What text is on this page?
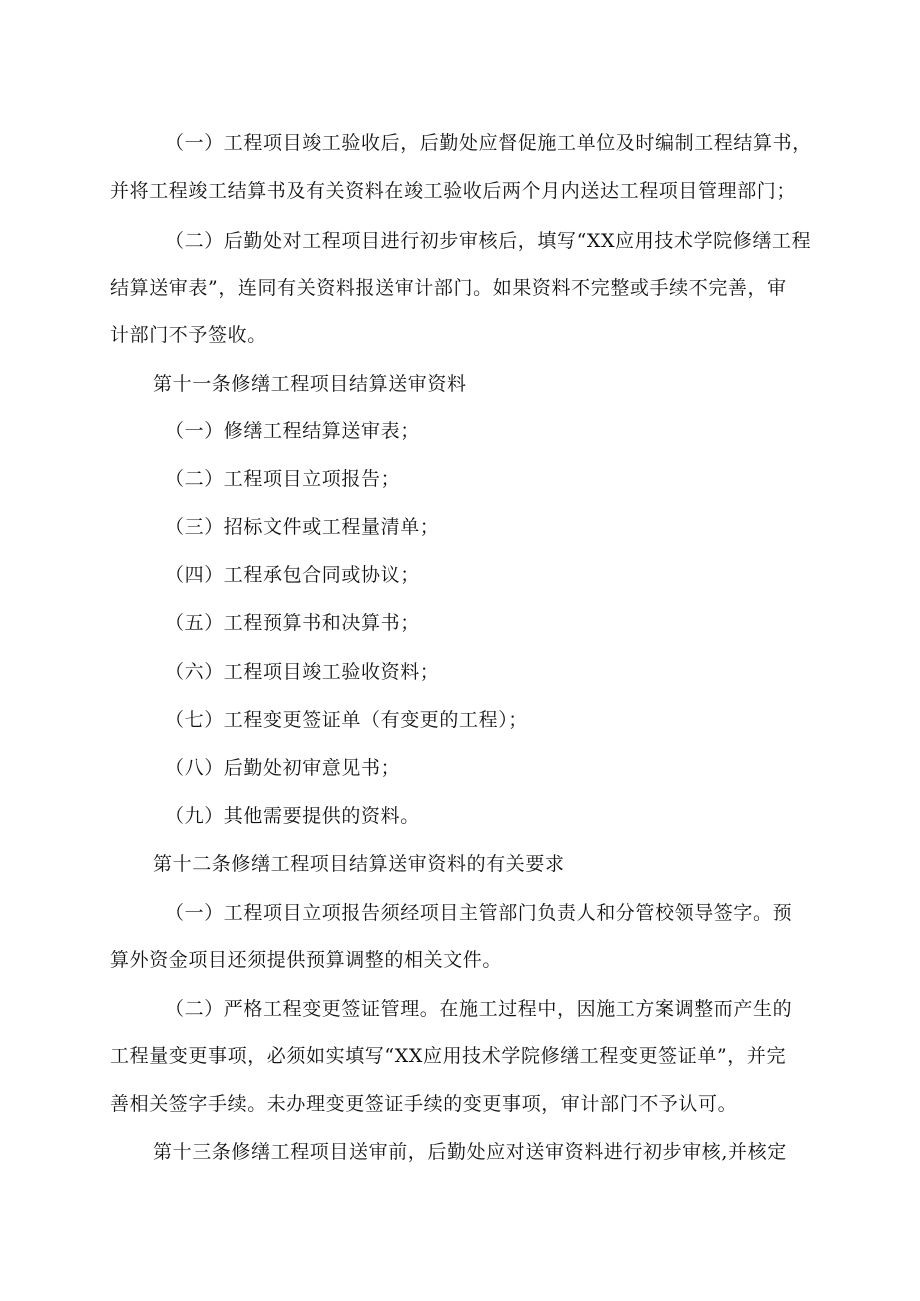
（一）工程项目竣工验收后，后勤处应督促施工单位及时编制工程结算书，
并将工程竣工结算书及有关资料在竣工验收后两个月内送达工程项目管理部门；
（二）后勤处对工程项目进行初步审核后，填写“XX应用技术学院修缮工程
结算送审表”，连同有关资料报送审计部门。如果资料不完整或手续不完善，审
计部门不予签收。
第十一条修缮工程项目结算送审资料
（一）修缮工程结算送审表；
（二）工程项目立项报告；
（三）招标文件或工程量清单；
（四）工程承包合同或协议；
（五）工程预算书和决算书；
（六）工程项目竣工验收资料；
（七）工程变更签证单（有变更的工程）；
（八）后勤处初审意见书；
（九）其他需要提供的资料。
第十二条修缮工程项目结算送审资料的有关要求
（一）工程项目立项报告须经项目主管部门负责人和分管校领导签字。预
算外资金项目还须提供预算调整的相关文件。
（二）严格工程变更签证管理。在施工过程中，因施工方案调整而产生的
工程量变更事项，必须如实填写“XX应用技术学院修缮工程变更签证单”，并完
善相关签字手续。未办理变更签证手续的变更事项，审计部门不予认可。
第十三条修缮工程项目送审前，后勤处应对送审资料进行初步审核,并核定
